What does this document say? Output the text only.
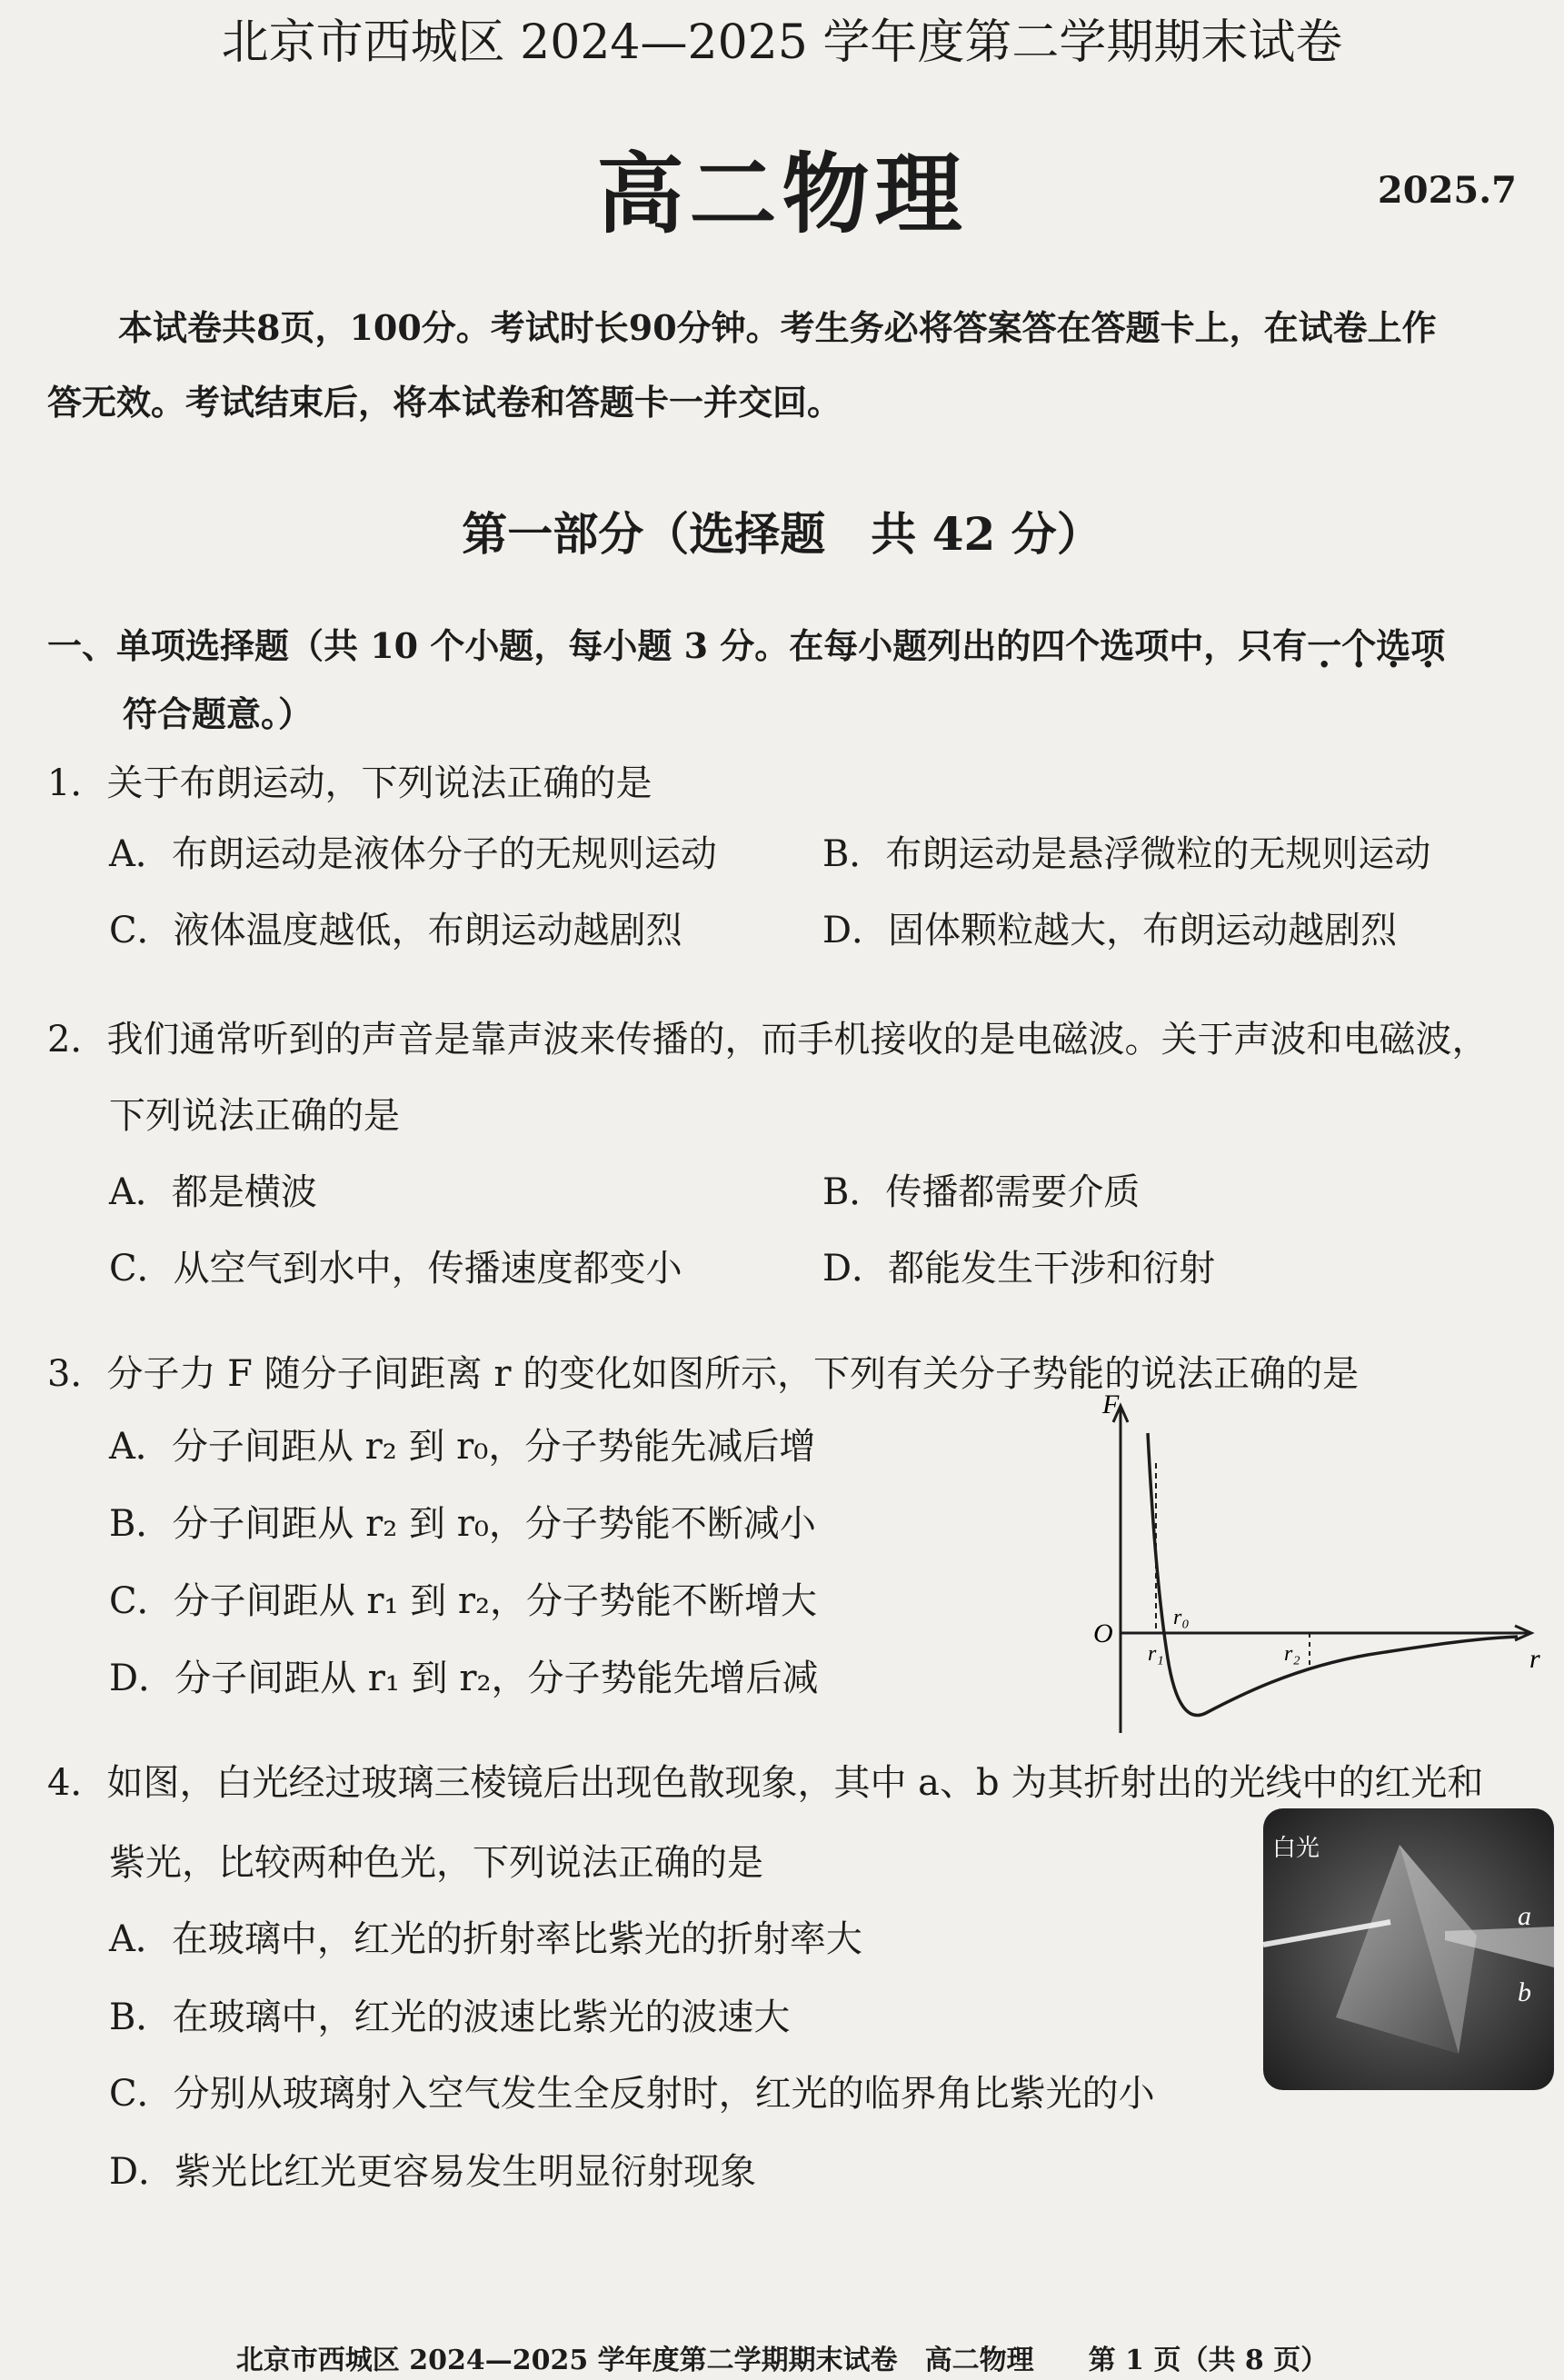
北京市西城区 2024—2025 学年度第二学期期末试卷
高二物理	2025.7
本试卷共8页，100分。考试时长90分钟。考生务必将答案答在答题卡上，在试卷上作
答无效。考试结束后，将本试卷和答题卡一并交回。
第一部分（选择题　共 42 分）
一、单项选择题（共 10 个小题，每小题 3 分。在每小题列出的四个选项中，只有一个选项
符合题意。）
1．关于布朗运动，下列说法正确的是
A．布朗运动是液体分子的无规则运动	B．布朗运动是悬浮微粒的无规则运动
C．液体温度越低，布朗运动越剧烈	D．固体颗粒越大，布朗运动越剧烈
2．我们通常听到的声音是靠声波来传播的，而手机接收的是电磁波。关于声波和电磁波，
下列说法正确的是
A．都是横波	B．传播都需要介质
C．从空气到水中，传播速度都变小	D．都能发生干涉和衍射
3．分子力 F 随分子间距离 r 的变化如图所示，下列有关分子势能的说法正确的是
A．分子间距从 r₂ 到 r₀，分子势能先减后增
B．分子间距从 r₂ 到 r₀，分子势能不断减小
C．分子间距从 r₁ 到 r₂，分子势能不断增大
D．分子间距从 r₁ 到 r₂，分子势能先增后减
F
O
r
r₀
r₁	r₂
4．如图，白光经过玻璃三棱镜后出现色散现象，其中 a、b 为其折射出的光线中的红光和
紫光，比较两种色光，下列说法正确的是
A．在玻璃中，红光的折射率比紫光的折射率大
B．在玻璃中，红光的波速比紫光的波速大
C．分别从玻璃射入空气发生全反射时，红光的临界角比紫光的小
D．紫光比红光更容易发生明显衍射现象
白光
a
b
北京市西城区 2024—2025 学年度第二学期期末试卷　高二物理　　第 1 页（共 8 页）
